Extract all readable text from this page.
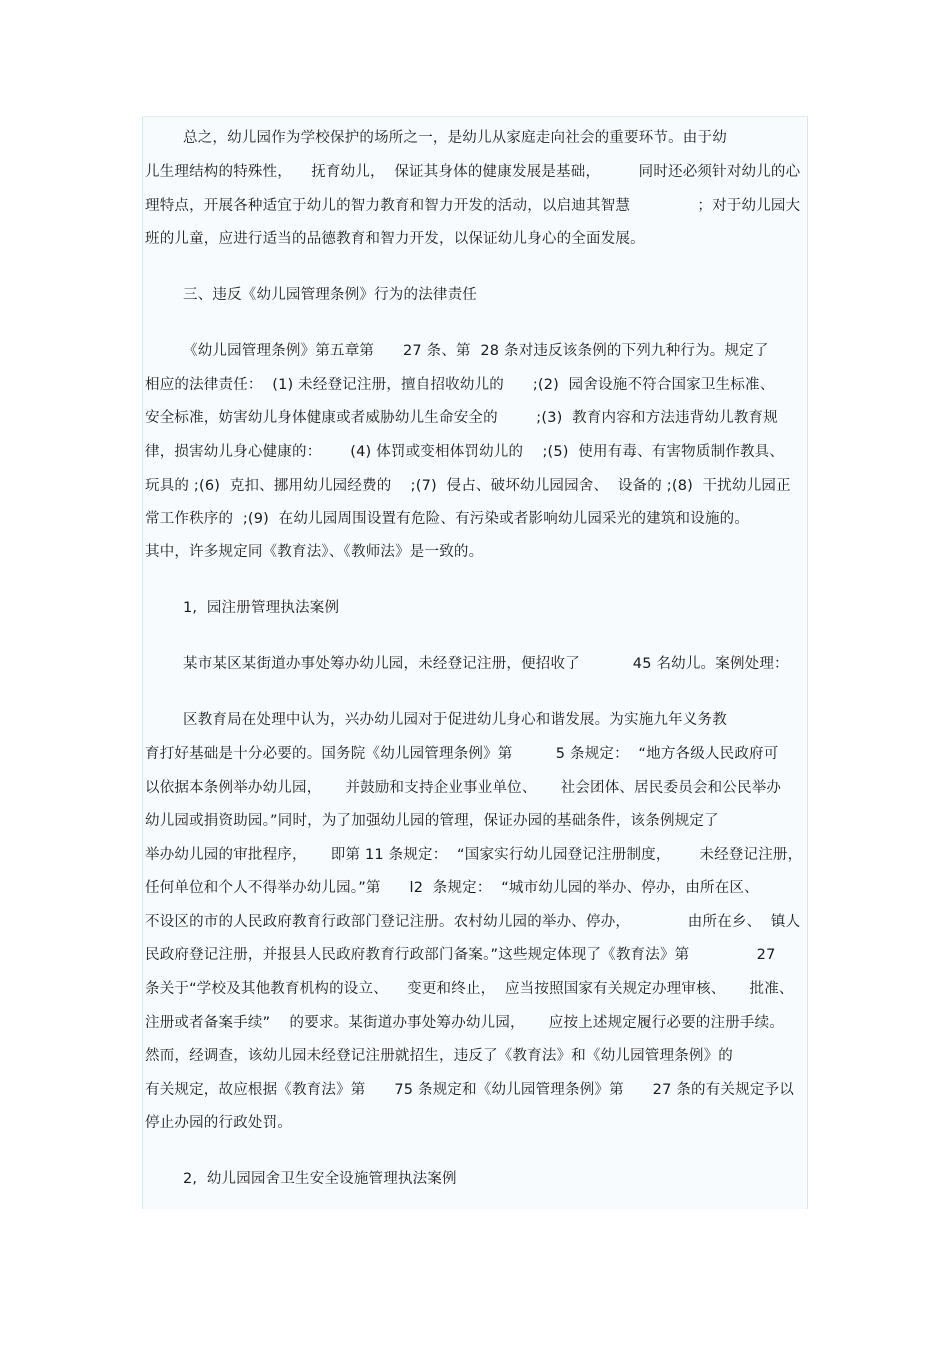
总之，幼儿园作为学校保护的场所之一，是幼儿从家庭走向社会的重要环节。由于幼
儿生理结构的特殊性，    抚育幼儿，  保证其身体的健康发展是基础，        同时还必须针对幼儿的心
理特点，开展各种适宜于幼儿的智力教育和智力开发的活动，以启迪其智慧              ；对于幼儿园大
班的儿童，应进行适当的品德教育和智力开发，以保证幼儿身心的全面发展。
三、违反《幼儿园管理条例》行为的法律责任
《幼儿园管理条例》第五章第      27 条、第  28 条对违反该条例的下列九种行为。规定了
相应的法律责任：  (1) 未经登记注册，擅自招收幼儿的      ;(2)  园舍设施不符合国家卫生标准、
安全标准，妨害幼儿身体健康或者威胁幼儿生命安全的        ;(3)  教育内容和方法违背幼儿教育规
律，损害幼儿身心健康的：      (4) 体罚或变相体罚幼儿的    ;(5)  使用有毒、有害物质制作教具、
玩具的 ;(6)  克扣、挪用幼儿园经费的    ;(7)  侵占、破坏幼儿园园舍、  设备的 ;(8)  干扰幼儿园正
常工作秩序的  ;(9)  在幼儿园周围设置有危险、有污染或者影响幼儿园采光的建筑和设施的。
其中，许多规定同《教育法》、《教师法》是一致的。
1,  园注册管理执法案例
某市某区某街道办事处筹办幼儿园，未经登记注册，便招收了           45 名幼儿。案例处理：
区教育局在处理中认为，兴办幼儿园对于促进幼儿身心和谐发展。为实施九年义务教
育打好基础是十分必要的。国务院《幼儿园管理条例》第         5 条规定：  “地方各级人民政府可
以依据本条例举办幼儿园，     并鼓励和支持企业事业单位、     社会团体、居民委员会和公民举办
幼儿园或捐资助园。”同时，为了加强幼儿园的管理，保证办园的基础条件，该条例规定了
举办幼儿园的审批程序，     即第 11 条规定：  “国家实行幼儿园登记注册制度，      未经登记注册，
任何单位和个人不得举办幼儿园。”第      l2  条规定：  “城市幼儿园的举办、停办，由所在区、
不设区的市的人民政府教育行政部门登记注册。农村幼儿园的举办、停办，            由所在乡、  镇人
民政府登记注册，并报县人民政府教育行政部门备案。”这些规定体现了《教育法》第              27
条关于“学校及其他教育机构的设立、    变更和终止，  应当按照国家有关规定办理审核、     批准、
注册或者备案手续”    的要求。某街道办事处筹办幼儿园，     应按上述规定履行必要的注册手续。
然而，经调查，该幼儿园未经登记注册就招生，违反了《教育法》和《幼儿园管理条例》的
有关规定，故应根据《教育法》第      75 条规定和《幼儿园管理条例》第      27 条的有关规定予以
停止办园的行政处罚。
2,  幼儿园园舍卫生安全设施管理执法案例
